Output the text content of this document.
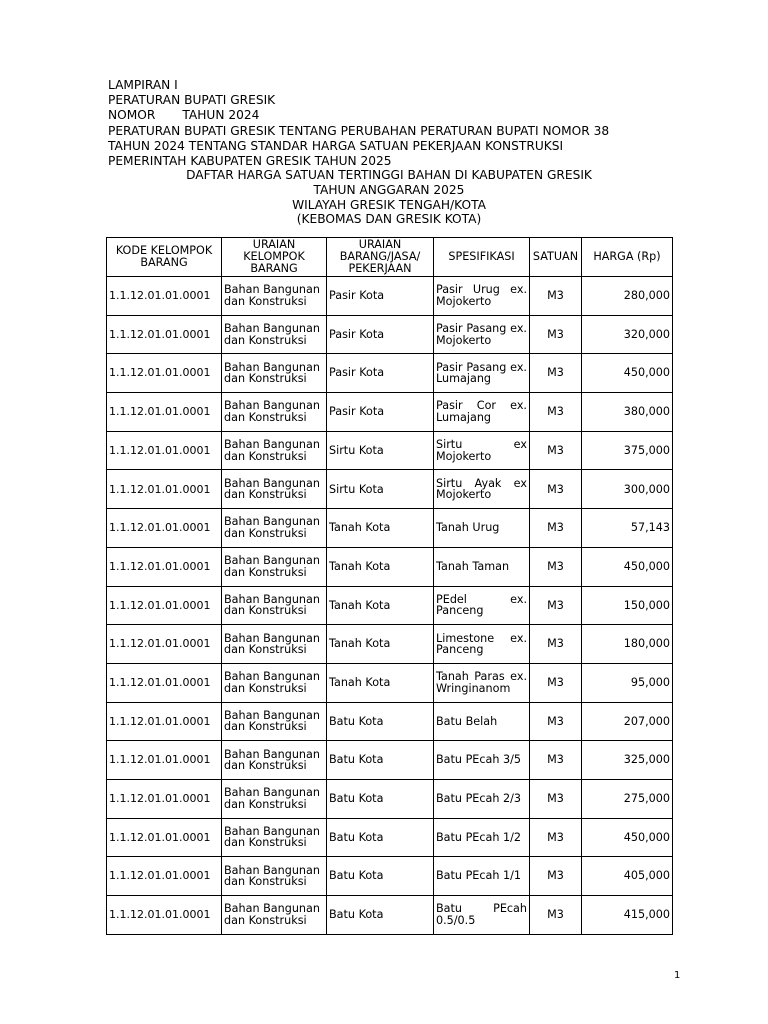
LAMPIRAN I
PERATURAN BUPATI GRESIK
NOMOR       TAHUN 2024
PERATURAN BUPATI GRESIK TENTANG PERUBAHAN PERATURAN BUPATI NOMOR 38
TAHUN 2024 TENTANG STANDAR HARGA SATUAN PEKERJAAN KONSTRUKSI
PEMERINTAH KABUPATEN GRESIK TAHUN 2025
DAFTAR HARGA SATUAN TERTINGGI BAHAN DI KABUPATEN GRESIK
TAHUN ANGGARAN 2025
WILAYAH GRESIK TENGAH/KOTA
(KEBOMAS DAN GRESIK KOTA)
KODE KELOMPOK BARANG	URAIAN KELOMPOK BARANG	URAIAN BARANG/JASA/ PEKERJAAN	SPESIFIKASI	SATUAN	HARGA (Rp)
1.1.12.01.01.0001	Bahan Bangunan dan Konstruksi	Pasir Kota	Pasir Urug ex. Mojokerto	M3	280,000
1.1.12.01.01.0001	Bahan Bangunan dan Konstruksi	Pasir Kota	Pasir Pasang ex. Mojokerto	M3	320,000
1.1.12.01.01.0001	Bahan Bangunan dan Konstruksi	Pasir Kota	Pasir Pasang ex. Lumajang	M3	450,000
1.1.12.01.01.0001	Bahan Bangunan dan Konstruksi	Pasir Kota	Pasir Cor ex. Lumajang	M3	380,000
1.1.12.01.01.0001	Bahan Bangunan dan Konstruksi	Sirtu Kota	Sirtu ex Mojokerto	M3	375,000
1.1.12.01.01.0001	Bahan Bangunan dan Konstruksi	Sirtu Kota	Sirtu Ayak ex Mojokerto	M3	300,000
1.1.12.01.01.0001	Bahan Bangunan dan Konstruksi	Tanah Kota	Tanah Urug	M3	57,143
1.1.12.01.01.0001	Bahan Bangunan dan Konstruksi	Tanah Kota	Tanah Taman	M3	450,000
1.1.12.01.01.0001	Bahan Bangunan dan Konstruksi	Tanah Kota	PEdel ex. Panceng	M3	150,000
1.1.12.01.01.0001	Bahan Bangunan dan Konstruksi	Tanah Kota	Limestone ex. Panceng	M3	180,000
1.1.12.01.01.0001	Bahan Bangunan dan Konstruksi	Tanah Kota	Tanah Paras ex. Wringinanom	M3	95,000
1.1.12.01.01.0001	Bahan Bangunan dan Konstruksi	Batu Kota	Batu Belah	M3	207,000
1.1.12.01.01.0001	Bahan Bangunan dan Konstruksi	Batu Kota	Batu PEcah 3/5	M3	325,000
1.1.12.01.01.0001	Bahan Bangunan dan Konstruksi	Batu Kota	Batu PEcah 2/3	M3	275,000
1.1.12.01.01.0001	Bahan Bangunan dan Konstruksi	Batu Kota	Batu PEcah 1/2	M3	450,000
1.1.12.01.01.0001	Bahan Bangunan dan Konstruksi	Batu Kota	Batu PEcah 1/1	M3	405,000
1.1.12.01.01.0001	Bahan Bangunan dan Konstruksi	Batu Kota	Batu PEcah 0.5/0.5	M3	415,000
1
